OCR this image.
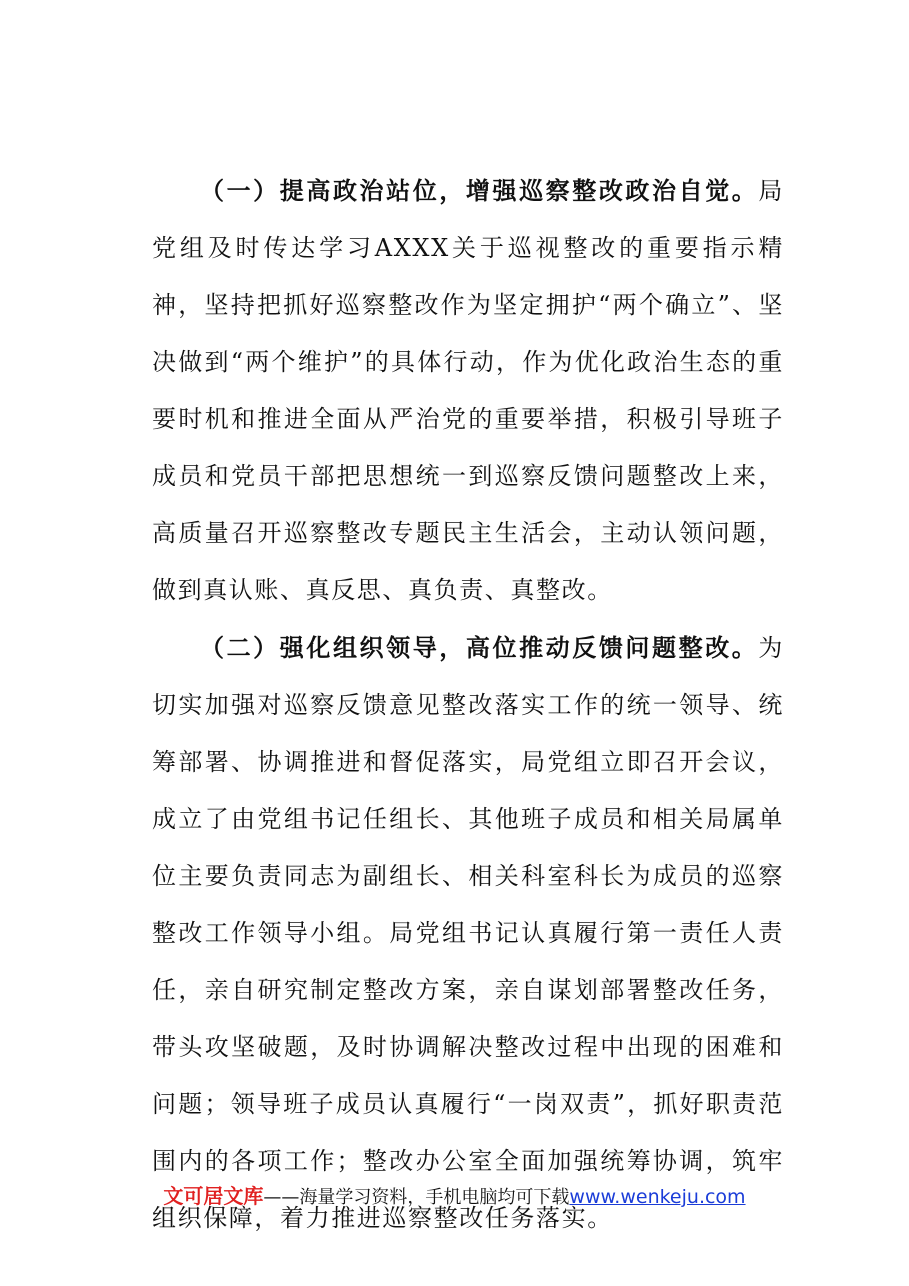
（一）提高政治站位，增强巡察整改政治自觉。局党组及时传达学习AXXX关于巡视整改的重要指示精神，坚持把抓好巡察整改作为坚定拥护“两个确立”、坚决做到“两个维护”的具体行动，作为优化政治生态的重要时机和推进全面从严治党的重要举措，积极引导班子成员和党员干部把思想统一到巡察反馈问题整改上来，高质量召开巡察整改专题民主生活会，主动认领问题，做到真认账、真反思、真负责、真整改。

（二）强化组织领导，高位推动反馈问题整改。为切实加强对巡察反馈意见整改落实工作的统一领导、统筹部署、协调推进和督促落实，局党组立即召开会议，成立了由党组书记任组长、其他班子成员和相关局属单位主要负责同志为副组长、相关科室科长为成员的巡察整改工作领导小组。局党组书记认真履行第一责任人责任，亲自研究制定整改方案，亲自谋划部署整改任务，带头攻坚破题，及时协调解决整改过程中出现的困难和问题；领导班子成员认真履行“一岗双责”，抓好职责范围内的各项工作；整改办公室全面加强统筹协调，筑牢组织保障，着力推进巡察整改任务落实。

文可居文库——海量学习资料，手机电脑均可下载www.wenkeju.com
